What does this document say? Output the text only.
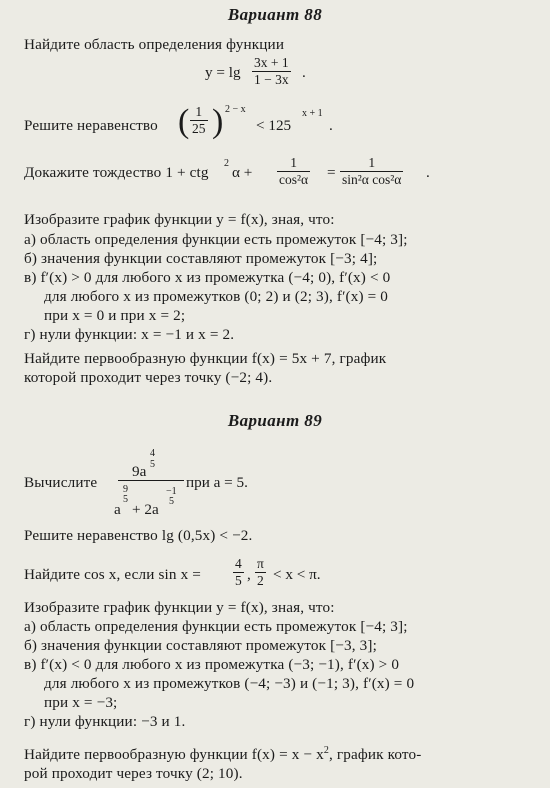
Вариант 88
Найдите область определения функции
$y = \lg \frac{3x + 1}{1 - 3x}$ .
Решите неравенство ( $\frac{1}{25}$ ) 2 − x
< 125
x + 1
.
Докажите тождество 1 + ctg
2
$\alpha + \frac{1}{\text{cos²α}} = \frac{1}{\text{sin²α cos²α}}$ .
Изобразите график функции y = f(x), зная, что:
а) область определения функции есть промежуток [−4; 3];
б) значения функции составляют промежуток [−3; 4];
в) f′(x) > 0 для любого x из промежутка (−4; 0), f′(x) < 0
для любого x из промежутков (0; 2) и (2; 3), f′(x) = 0
при x = 0 и при x = 2;
г) нули функции: x = −1 и x = 2.
Найдите первообразную функции f(x) = 5x + 7, график
которой проходит через точку (−2; 4).
Вариант 89
Вычислите
9a
4
5
a
9
5
+ 2a
−1
5
при a = 5.
Решите неравенство lg (0,5x) < −2.
Найдите cos x, если $\sin x = \frac{4}{5}$ , $\frac{\pi}{2} < x < \pi$.
Изобразите график функции y = f(x), зная, что:
а) область определения функции есть промежуток [−4; 3];
б) значения функции составляют промежуток [−3, 3];
в) f′(x) < 0 для любого x из промежутка (−3; −1), f′(x) > 0
для любого x из промежутков (−4; −3) и (−1; 3), f′(x) = 0
при x = −3;
г) нули функции: −3 и 1.
Найдите первообразную функции $f(x) = x - x^2$, график кото-
рой проходит через точку (2; 10).
